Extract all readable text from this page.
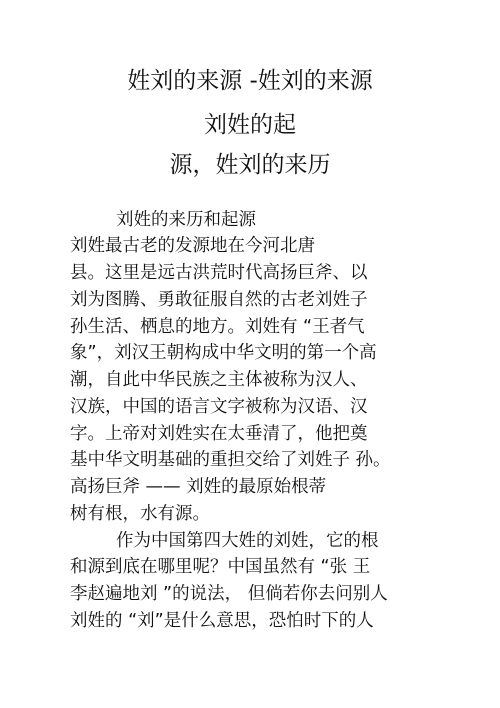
姓刘的来源 -姓刘的来源
刘姓的起
源，姓刘的来历
刘姓的来历和起源
刘姓最古老的发源地在今河北唐
县。这里是远古洪荒时代高扬巨斧、以
刘为图腾、勇敢征服自然的古老刘姓子
孙生活、栖息的地方。刘姓有 “王者气
象”，刘汉王朝构成中华文明的第一个高
潮，自此中华民族之主体被称为汉人、
汉族，中国的语言文字被称为汉语、汉
字。上帝对刘姓实在太垂清了，他把奠
基中华文明基础的重担交给了刘姓子 孙。
高扬巨斧 —— 刘姓的最原始根蒂
树有根，水有源。
作为中国第四大姓的刘姓，它的根
和源到底在哪里呢？中国虽然有 “张 王
李赵遍地刘 ”的说法， 但倘若你去问别人
刘姓的 “刘”是什么意思，恐怕时下的人
